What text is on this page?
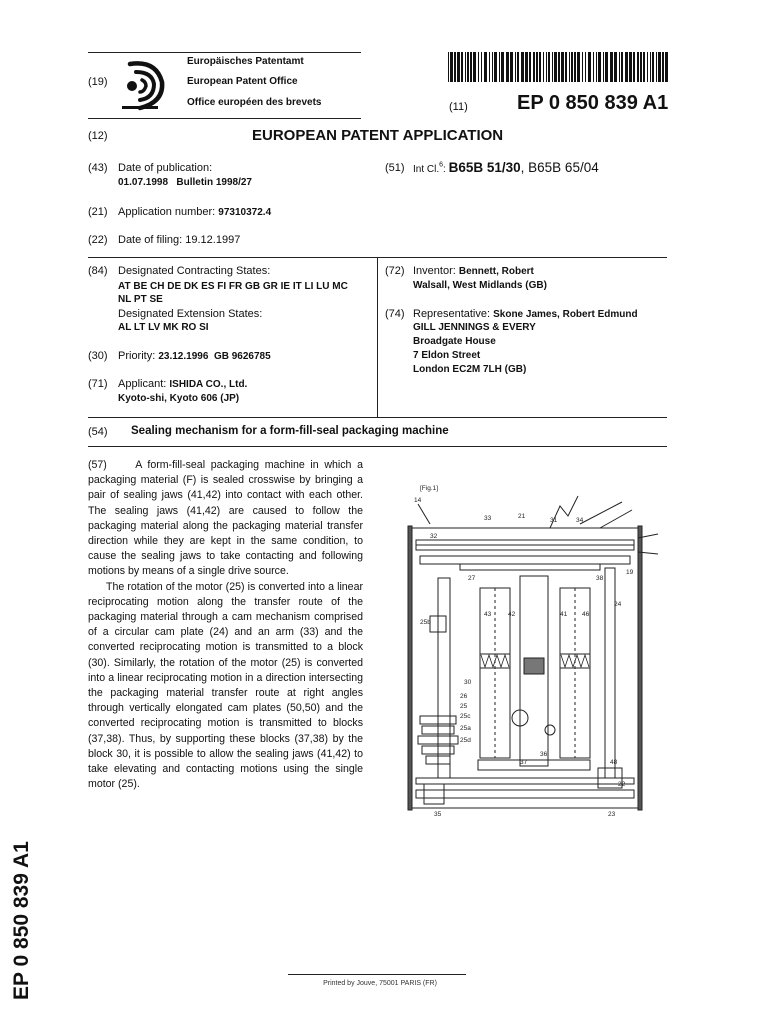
(19)
Europäisches Patentamt
European Patent Office
Office européen des brevets	(11) EP 0 850 839 A1
(12)	EUROPEAN PATENT APPLICATION
(43) Date of publication:
01.07.1998   Bulletin 1998/27
(51) Int Cl.$^6$: B65B 51/30, B65B 65/04
(21) Application number: 97310372.4
(22) Date of filing: 19.12.1997
(84) Designated Contracting States:
AT BE CH DE DK ES FI FR GB GR IE IT LI LU MC
NL PT SE
Designated Extension States:
AL LT LV MK RO SI
(30) Priority: 23.12.1996  GB 9626785
(71) Applicant: ISHIDA CO., Ltd.
Kyoto-shi, Kyoto 606 (JP)
(72) Inventor: Bennett, Robert
Walsall, West Midlands (GB)
(74) Representative: Skone James, Robert Edmund
GILL JENNINGS & EVERY
Broadgate House
7 Eldon Street
London EC2M 7LH (GB)
(54) Sealing mechanism for a form-fill-seal packaging machine

(57)	A form-fill-seal packaging machine in which a packaging material (F) is sealed crosswise by bringing a pair of sealing jaws (41,42) into contact with each other. The sealing jaws (41,42) are caused to follow the packaging material along the packaging material transfer direction while they are kept in the same condition, to cause the sealing jaws to take contacting and following motions by means of a single drive source.

The rotation of the motor (25) is converted into a linear reciprocating motion along the transfer route of the packaging material through a cam mechanism comprised of a circular cam plate (24) and an arm (33) and the converted reciprocating motion is transmitted to a block (30). Similarly, the rotation of the motor (25) is converted into a linear reciprocating motion in a direction intersecting the packaging material transfer route at right angles through vertically elongated cam plates (50,50) and the converted reciprocating motion is transmitted to blocks (37,38). Thus, by supporting these blocks (37,38) by the block 30, it is possible to allow the sealing jaws (41,42) to take elevating and contacting motions using the single motor (25).

[Fig.1]
14
33	21
31	34
32
19
27
25b
38
24
43	42	41 46
26
25
30
25c
25a
25d
35
36
37	48
22
23
EP 0 850 839 A1	Printed by Jouve, 75001 PARIS (FR)
